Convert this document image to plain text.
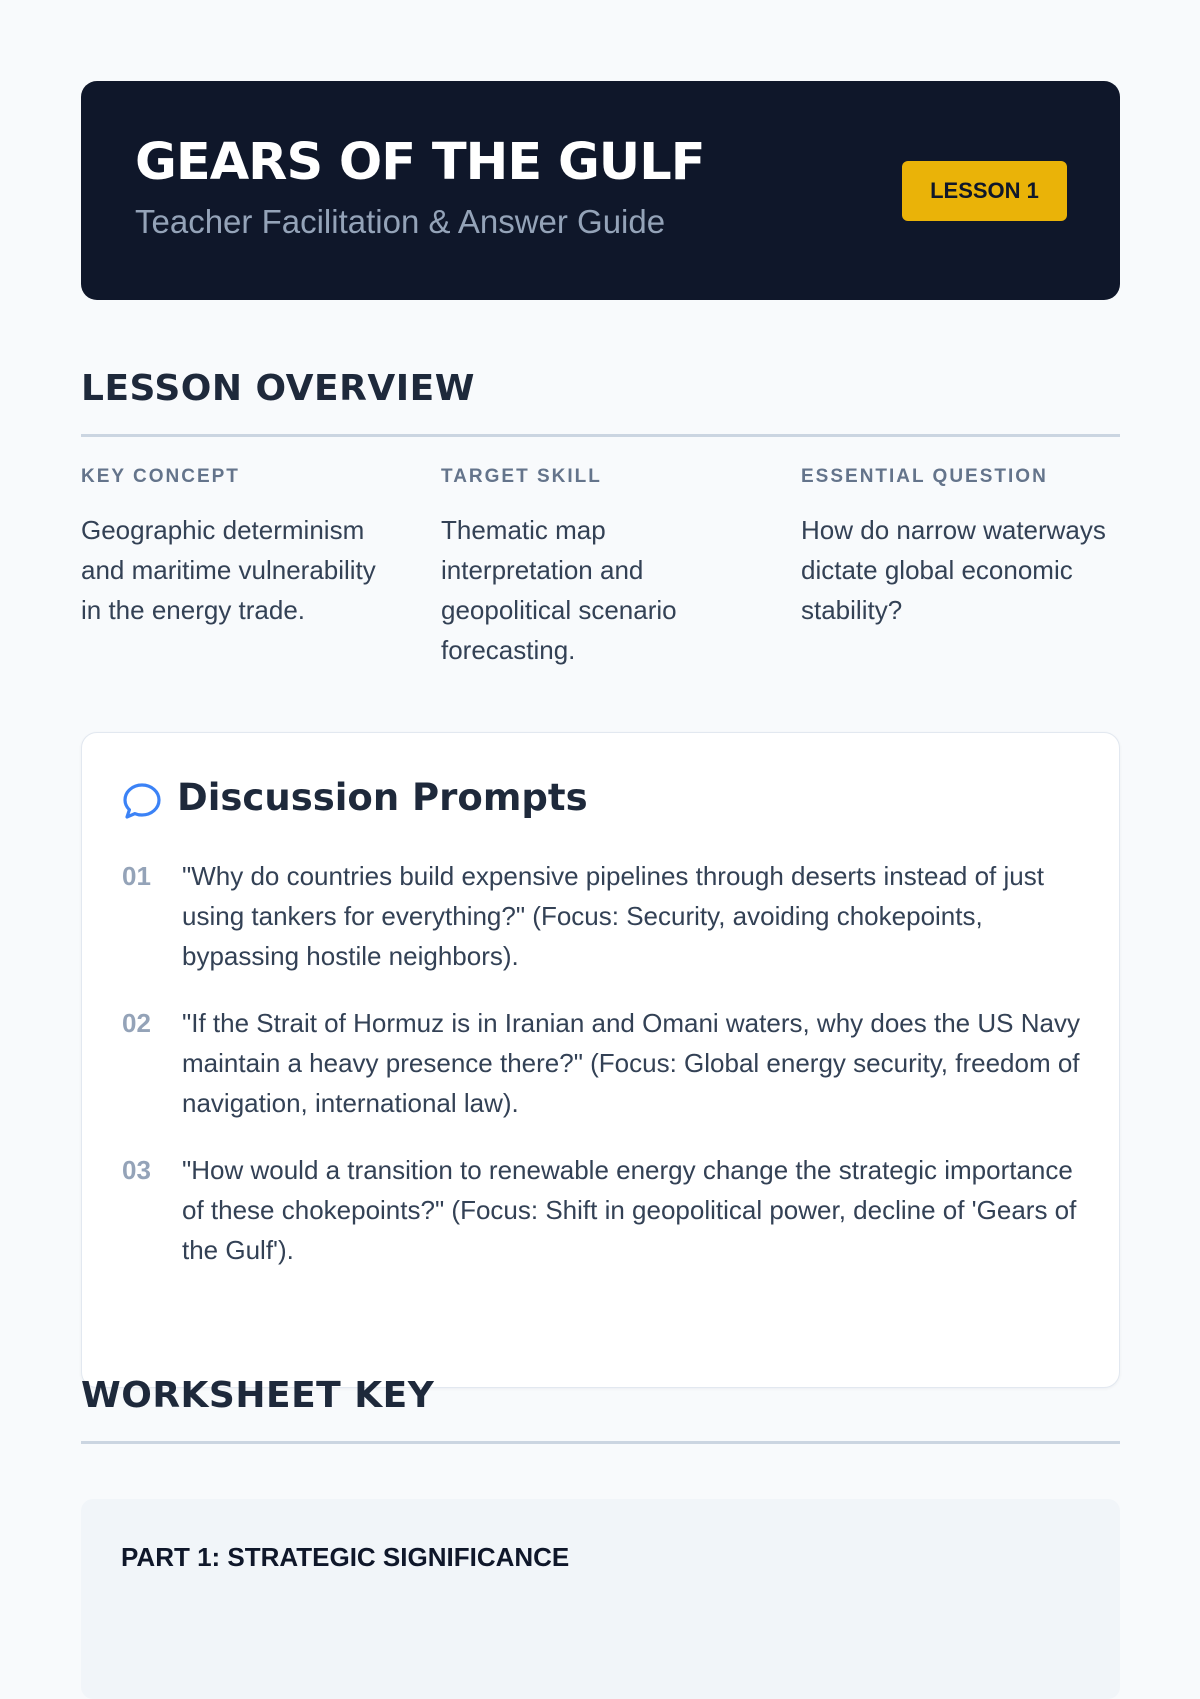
GEARS OF THE GULF

Teacher Facilitation & Answer Guide

LESSON 1
LESSON OVERVIEW

KEY CONCEPT

Geographic determinism and maritime vulnerability in the energy trade.

TARGET SKILL

Thematic map interpretation and geopolitical scenario forecasting.

ESSENTIAL QUESTION

How do narrow waterways dictate global economic stability?
Discussion Prompts
01 "Why do countries build expensive pipelines through deserts instead of just using tankers for everything?" (Focus: Security, avoiding chokepoints, bypassing hostile neighbors).
02 "If the Strait of Hormuz is in Iranian and Omani waters, why does the US Navy maintain a heavy presence there?" (Focus: Global energy security, freedom of navigation, international law).
03 "How would a transition to renewable energy change the strategic importance of these chokepoints?" (Focus: Shift in geopolitical power, decline of 'Gears of the Gulf').
WORKSHEET KEY
PART 1: STRATEGIC SIGNIFICANCE
